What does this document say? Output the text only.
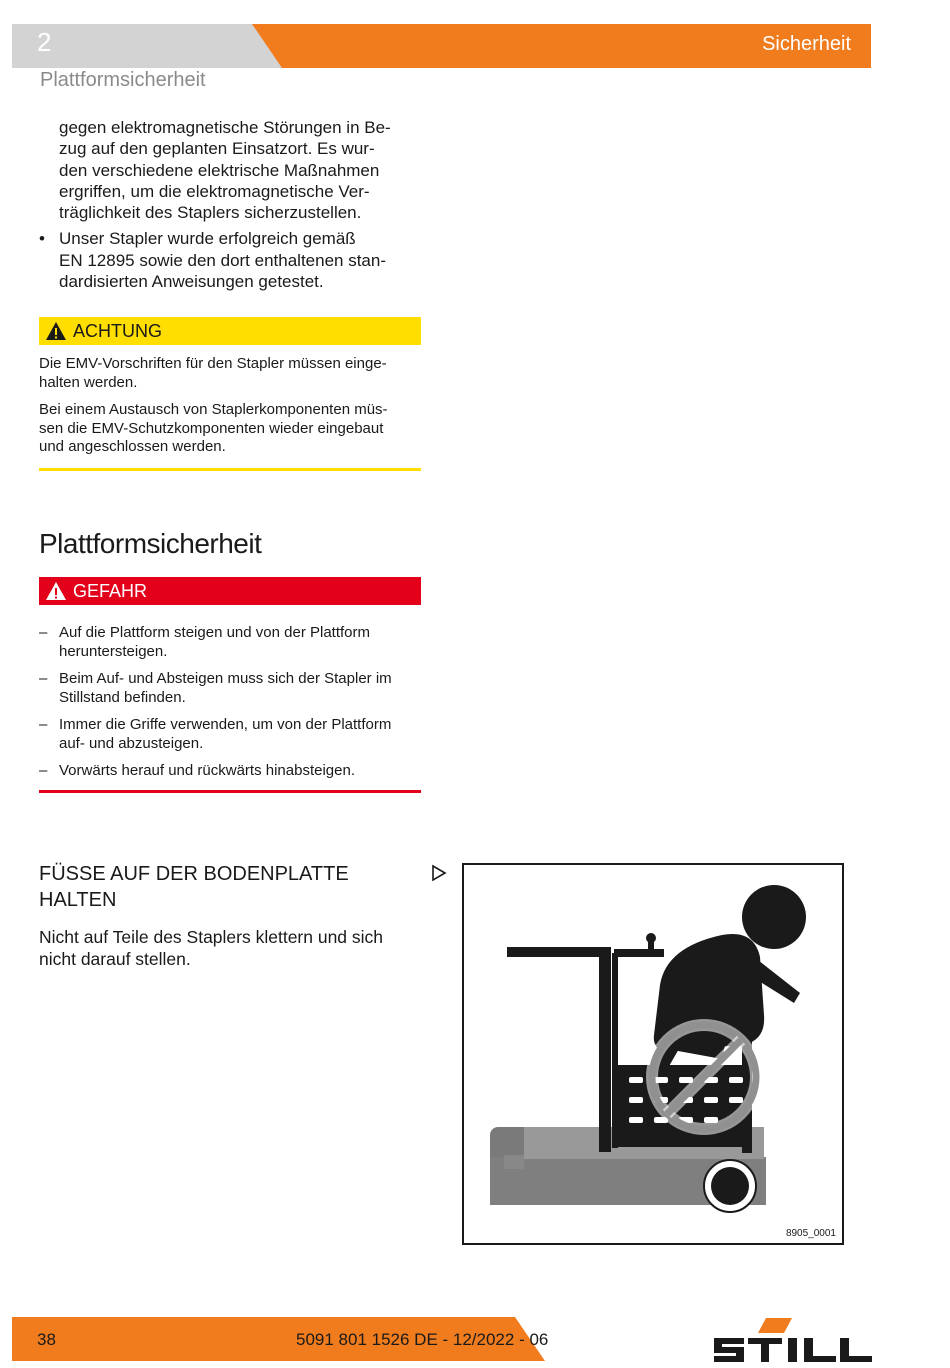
2	Sicherheit
Plattformsicherheit
gegen elektromagnetische Störungen in Be-
zug auf den geplanten Einsatzort. Es wur-
den verschiedene elektrische Maßnahmen
ergriffen, um die elektromagnetische Ver-
träglichkeit des Staplers sicherzustellen.
• Unser Stapler wurde erfolgreich gemäß
EN 12895 sowie den dort enthaltenen stan-
dardisierten Anweisungen getestet.
ACHTUNG
Die EMV-Vorschriften für den Stapler müssen einge-
halten werden.
Bei einem Austausch von Staplerkomponenten müs-
sen die EMV-Schutzkomponenten wieder eingebaut
und angeschlossen werden.
Plattformsicherheit
GEFAHR
– Auf die Plattform steigen und von der Plattform
heruntersteigen.
– Beim Auf- und Absteigen muss sich der Stapler im
Stillstand befinden.
– Immer die Griffe verwenden, um von der Plattform
auf- und abzusteigen.
– Vorwärts herauf und rückwärts hinabsteigen.
FÜSSE AUF DER BODENPLATTE
HALTEN
Nicht auf Teile des Staplers klettern und sich
nicht darauf stellen.
8905_0001
38	5091 801 1526 DE - 12/2022 - 06
